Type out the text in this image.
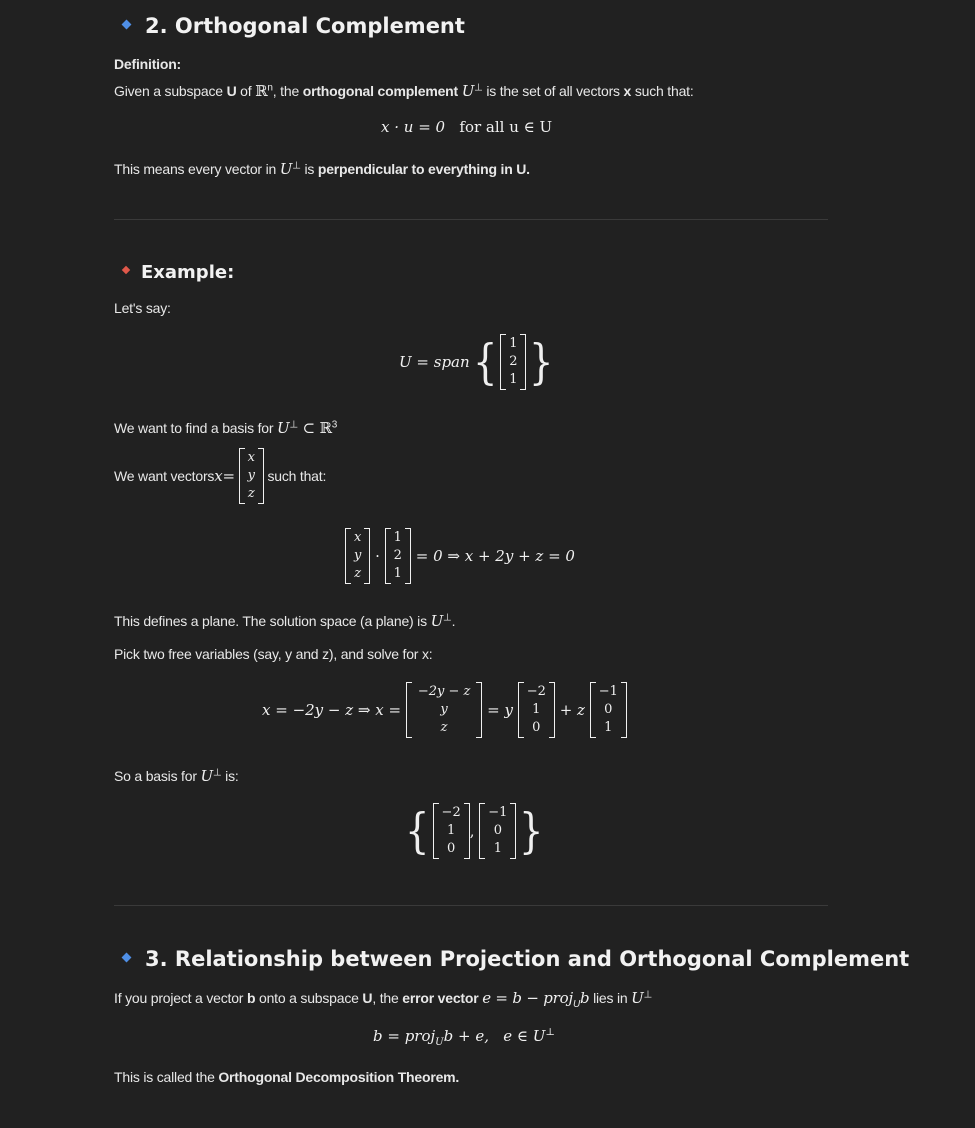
2. Orthogonal Complement
Definition:
Given a subspace U of ℝ$^n$, the orthogonal complement U⊥ is the set of all vectors x such that:
x · u = 0 for all u ∈ U
This means every vector in U⊥ is perpendicular to everything in U.
Example:
Let's say:
U = span { 1
2
1 }
We want to find a basis for U⊥ ⊂ ℝ$^3$
We want vectors x =

x
y
z

such that:
x
y
z
·
1
2
1

= 0 ⇒ x + 2y + z = 0
This defines a plane. The solution space (a plane) is U⊥.
Pick two free variables (say, y and z), and solve for x:
x = −2y − z ⇒ x =

−2y − z
y
z

= y

−2
1
0

+ z

−1
0
1
So a basis for U⊥ is:
{ −2
1
0
,
−1
0
1 }
3. Relationship between Projection and Orthogonal Complement
If you project a vector b onto a subspace U, the error vector e = b − proj$_U$b lies in U⊥
b = proj$_U$b + e, e ∈ U⊥
This is called the Orthogonal Decomposition Theorem.
